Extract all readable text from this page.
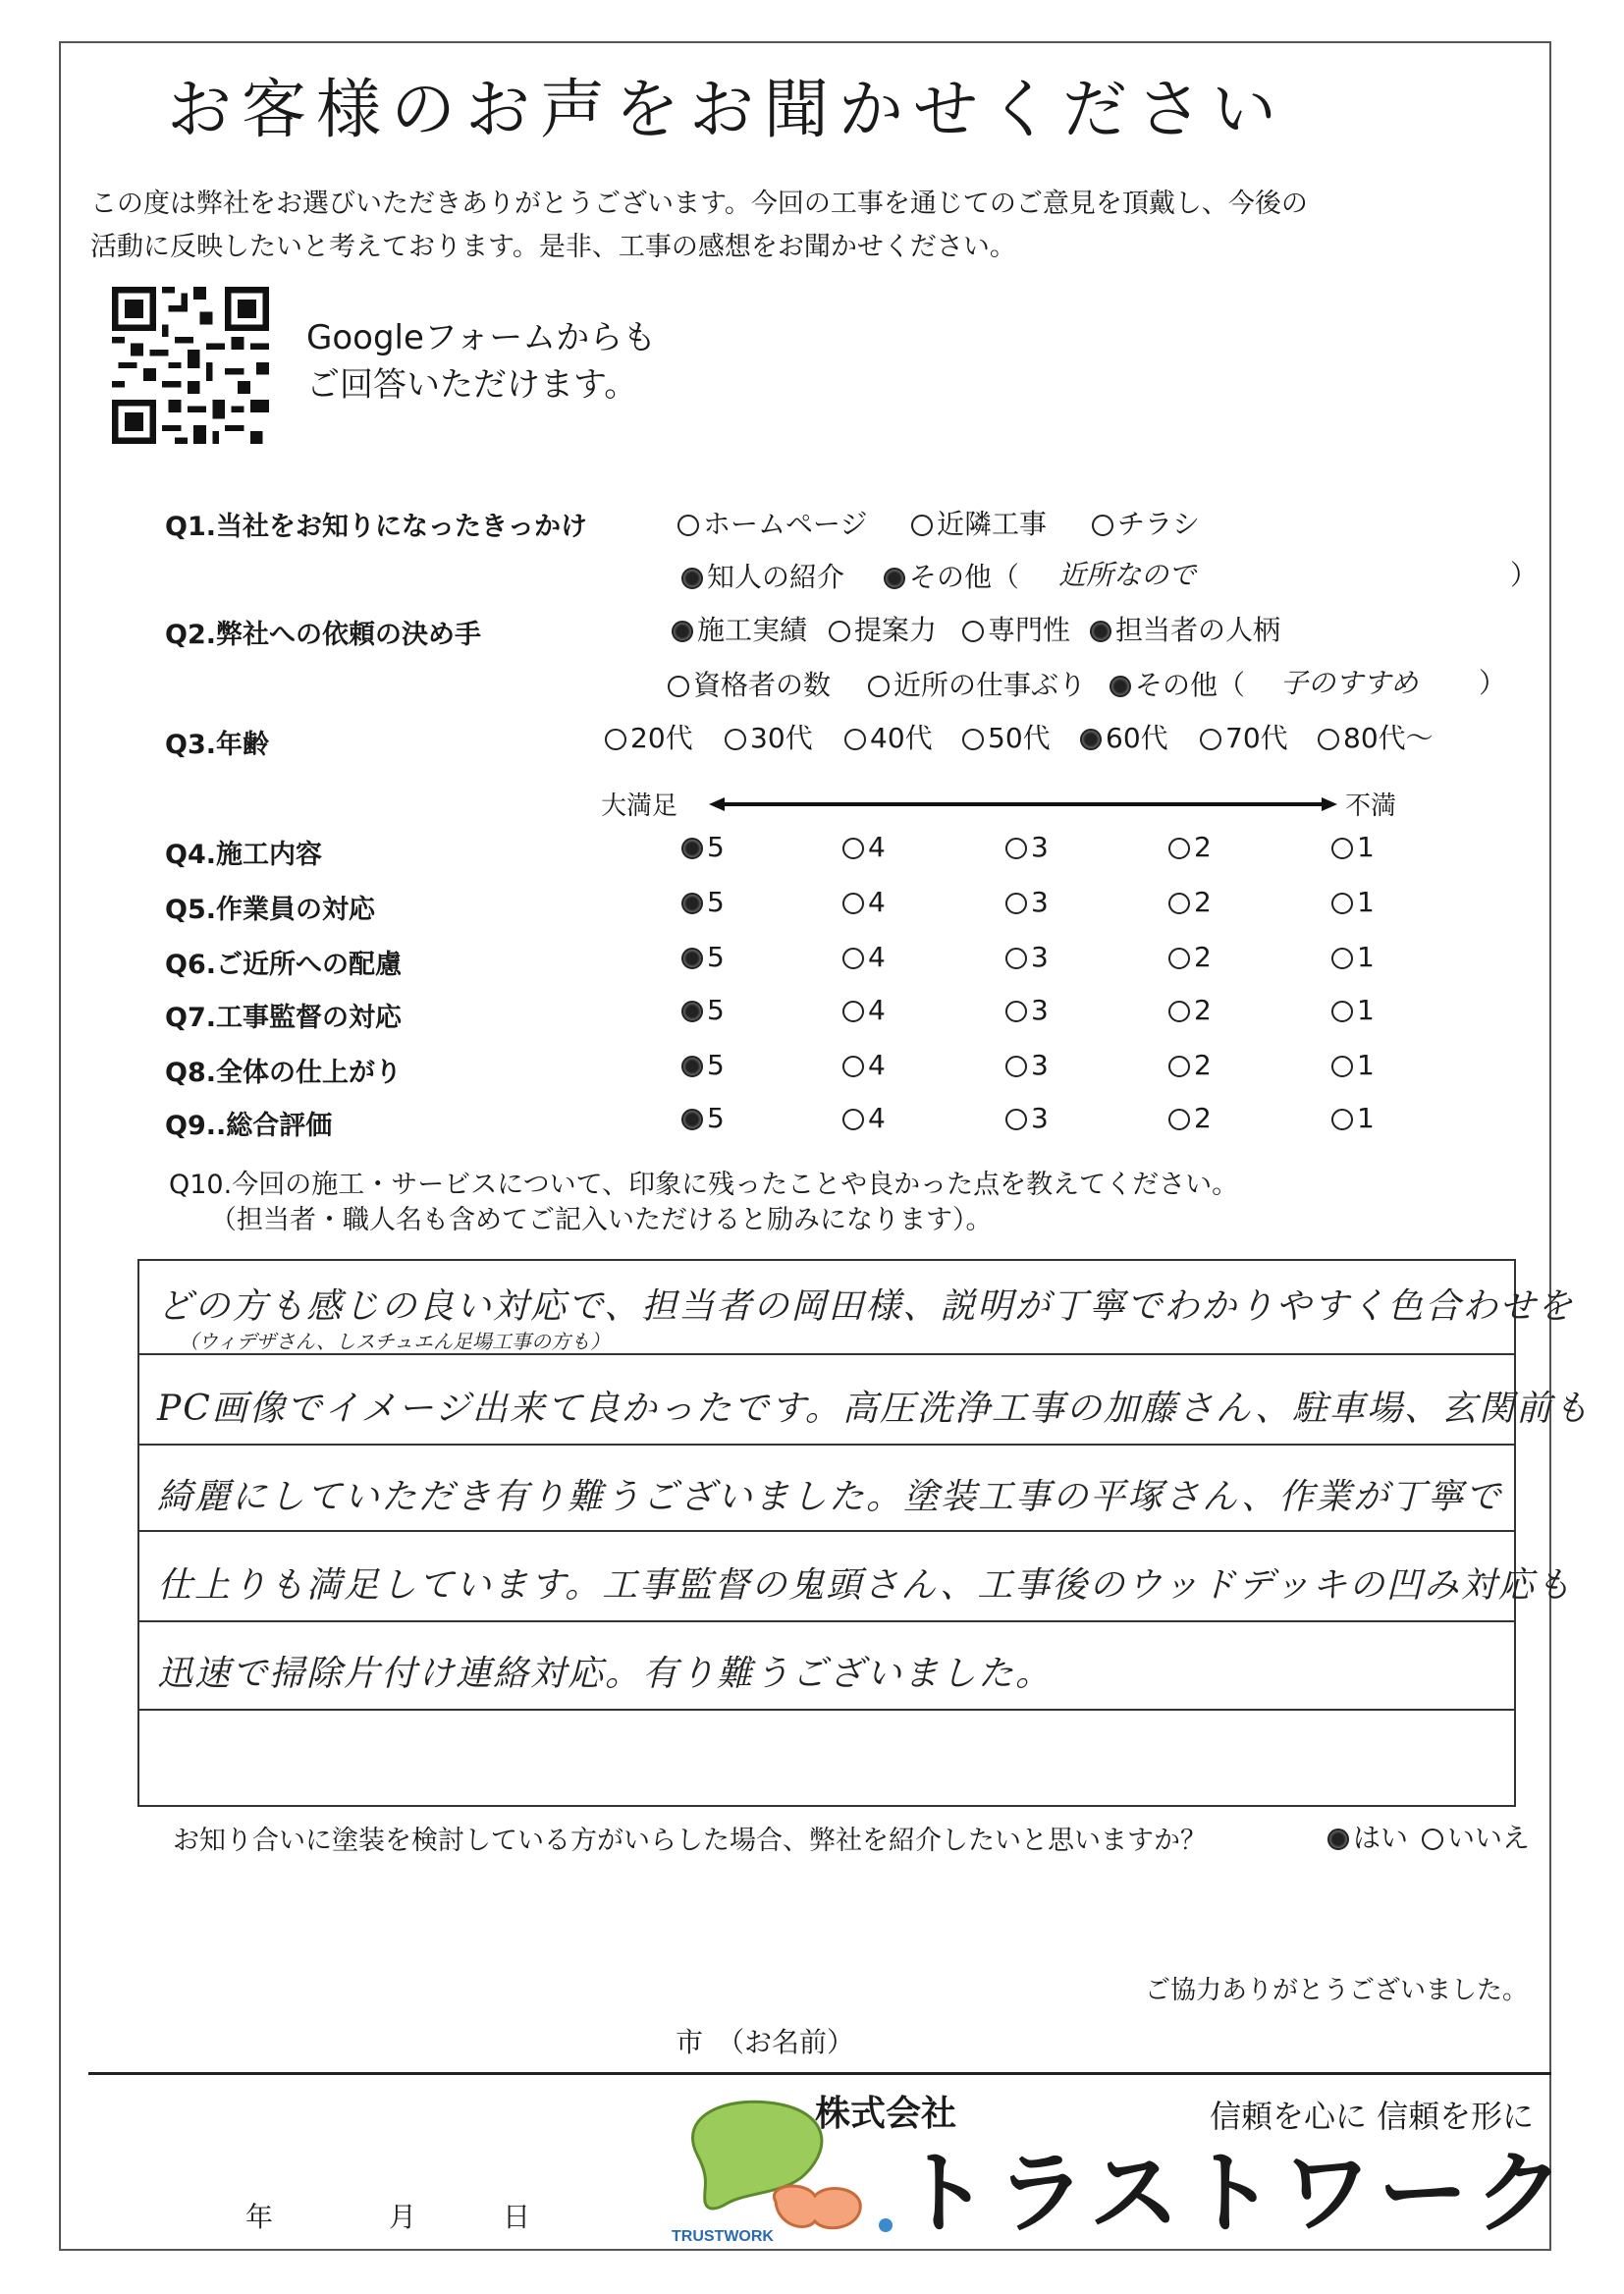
お客様のお声をお聞かせください
この度は弊社をお選びいただきありがとうございます。今回の工事を通じてのご意見を頂戴し、今後の
活動に反映したいと考えております。是非、工事の感想をお聞かせください。
Googleフォームからも
ご回答いただけます。
Q1.当社をお知りになったきっかけ	ホームページ	近隣工事	チラシ
知人の紹介	その他（ 近所なので	）
Q2.弊社への依頼の決め手	施工実績	提案力	専門性	担当者の人柄
資格者の数	近所の仕事ぶり	その他（ 子のすすめ ）
Q3.年齢	20代	30代	40代	50代	60代	70代	80代～
大満足	不満
Q4.施工内容	5	4	3	2	1
Q5.作業員の対応	5	4	3	2	1
Q6.ご近所への配慮	5	4	3	2	1
Q7.工事監督の対応	5	4	3	2	1
Q8.全体の仕上がり	5	4	3	2	1
Q9..総合評価	5	4	3	2	1
Q10.今回の施工・サービスについて、印象に残ったことや良かった点を教えてください。
（担当者・職人名も含めてご記入いただけると励みになります）。
どの方も感じの良い対応で、担当者の岡田様、説明が丁寧でわかりやすく色合わせを
（ウィデザさん、しスチュエん足場工事の方も）
PC画像でイメージ出来て良かったです。高圧洗浄工事の加藤さん、駐車場、玄関前も
綺麗にしていただき有り難うございました。塗装工事の平塚さん、作業が丁寧で
仕上りも満足しています。工事監督の鬼頭さん、工事後のウッドデッキの凹み対応も
迅速で掃除片付け連絡対応。有り難うございました。
お知り合いに塗装を検討している方がいらした場合、弊社を紹介したいと思いますか？	はい	いいえ
ご協力ありがとうございました。
市　（お名前）
年	月	日
TRUSTWORK
株式会社
トラストワーク
信頼を心に 信頼を形に
